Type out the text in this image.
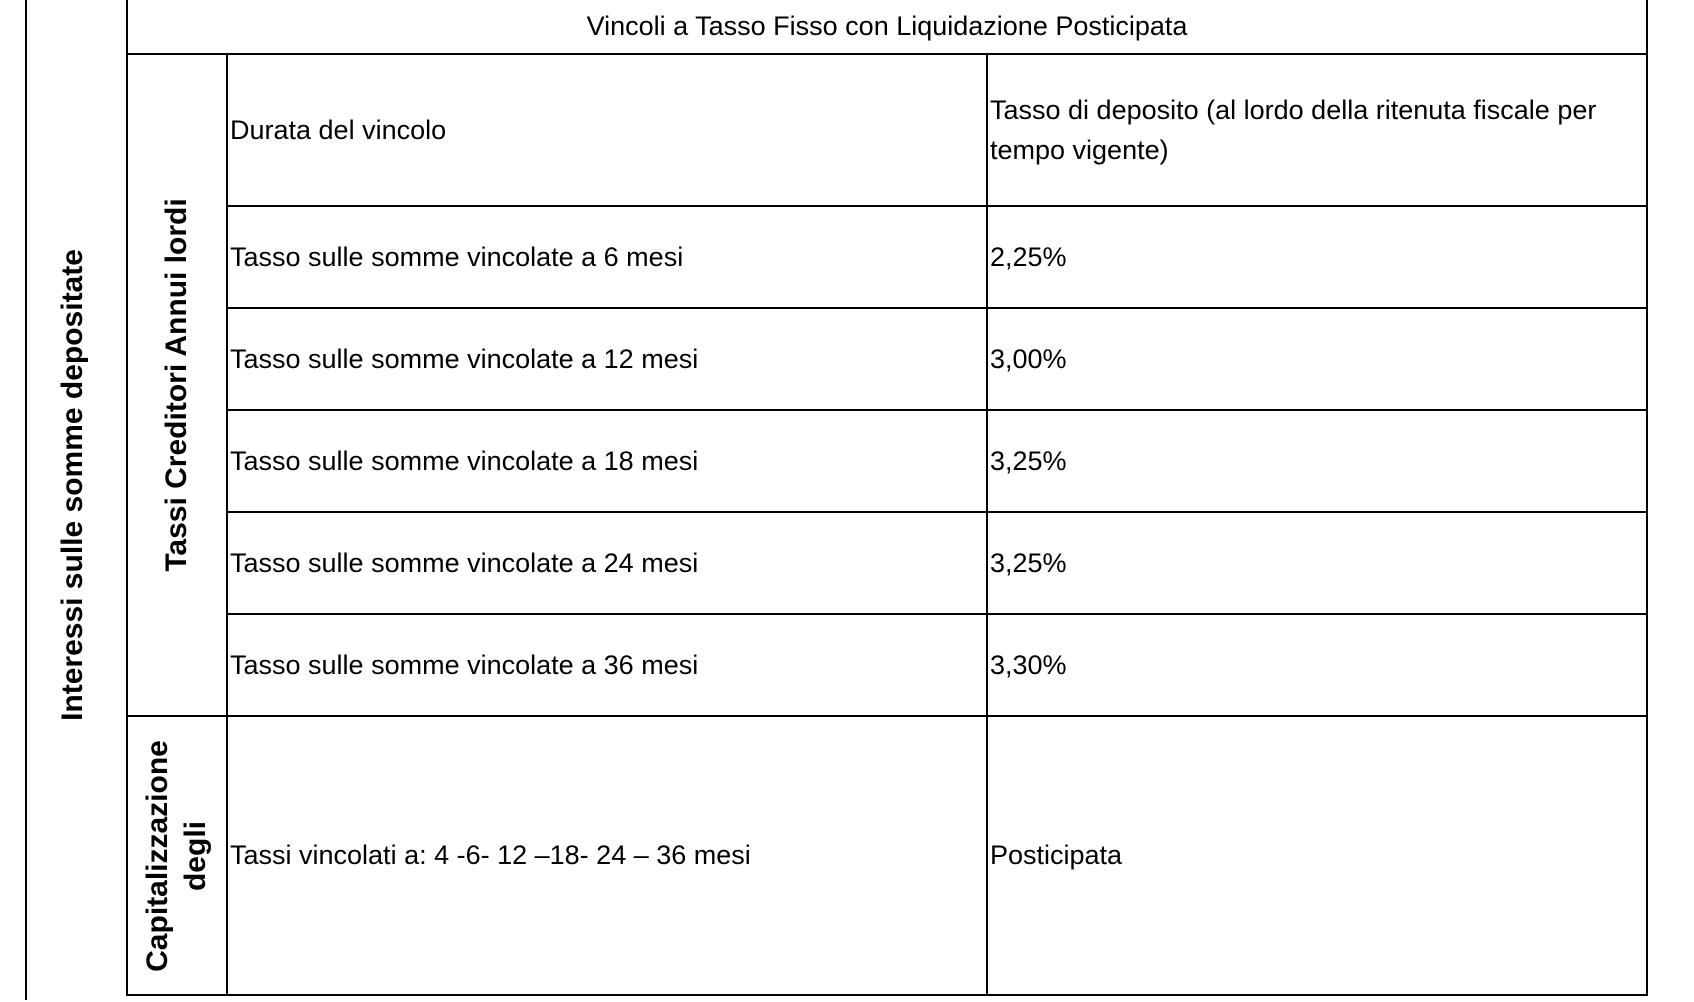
Interessi sulle somme depositate
Vincoli a Tasso Fisso con Liquidazione Posticipata		

Tassi Creditori Annui lordi	Durata del vincolo	Tasso di deposito (al lordo della ritenuta fiscale per tempo vigente)
	Tasso sulle somme vincolate a 6 mesi	2,25%
	Tasso sulle somme vincolate a 12 mesi	3,00%
	Tasso sulle somme vincolate a 18 mesi	3,25%
	Tasso sulle somme vincolate a 24 mesi	3,25%
	Tasso sulle somme vincolate a 36 mesi	3,30%

Capitalizzazione degli	Tassi vincolati a: 4 -6- 12 –18- 24 – 36 mesi	Posticipata
